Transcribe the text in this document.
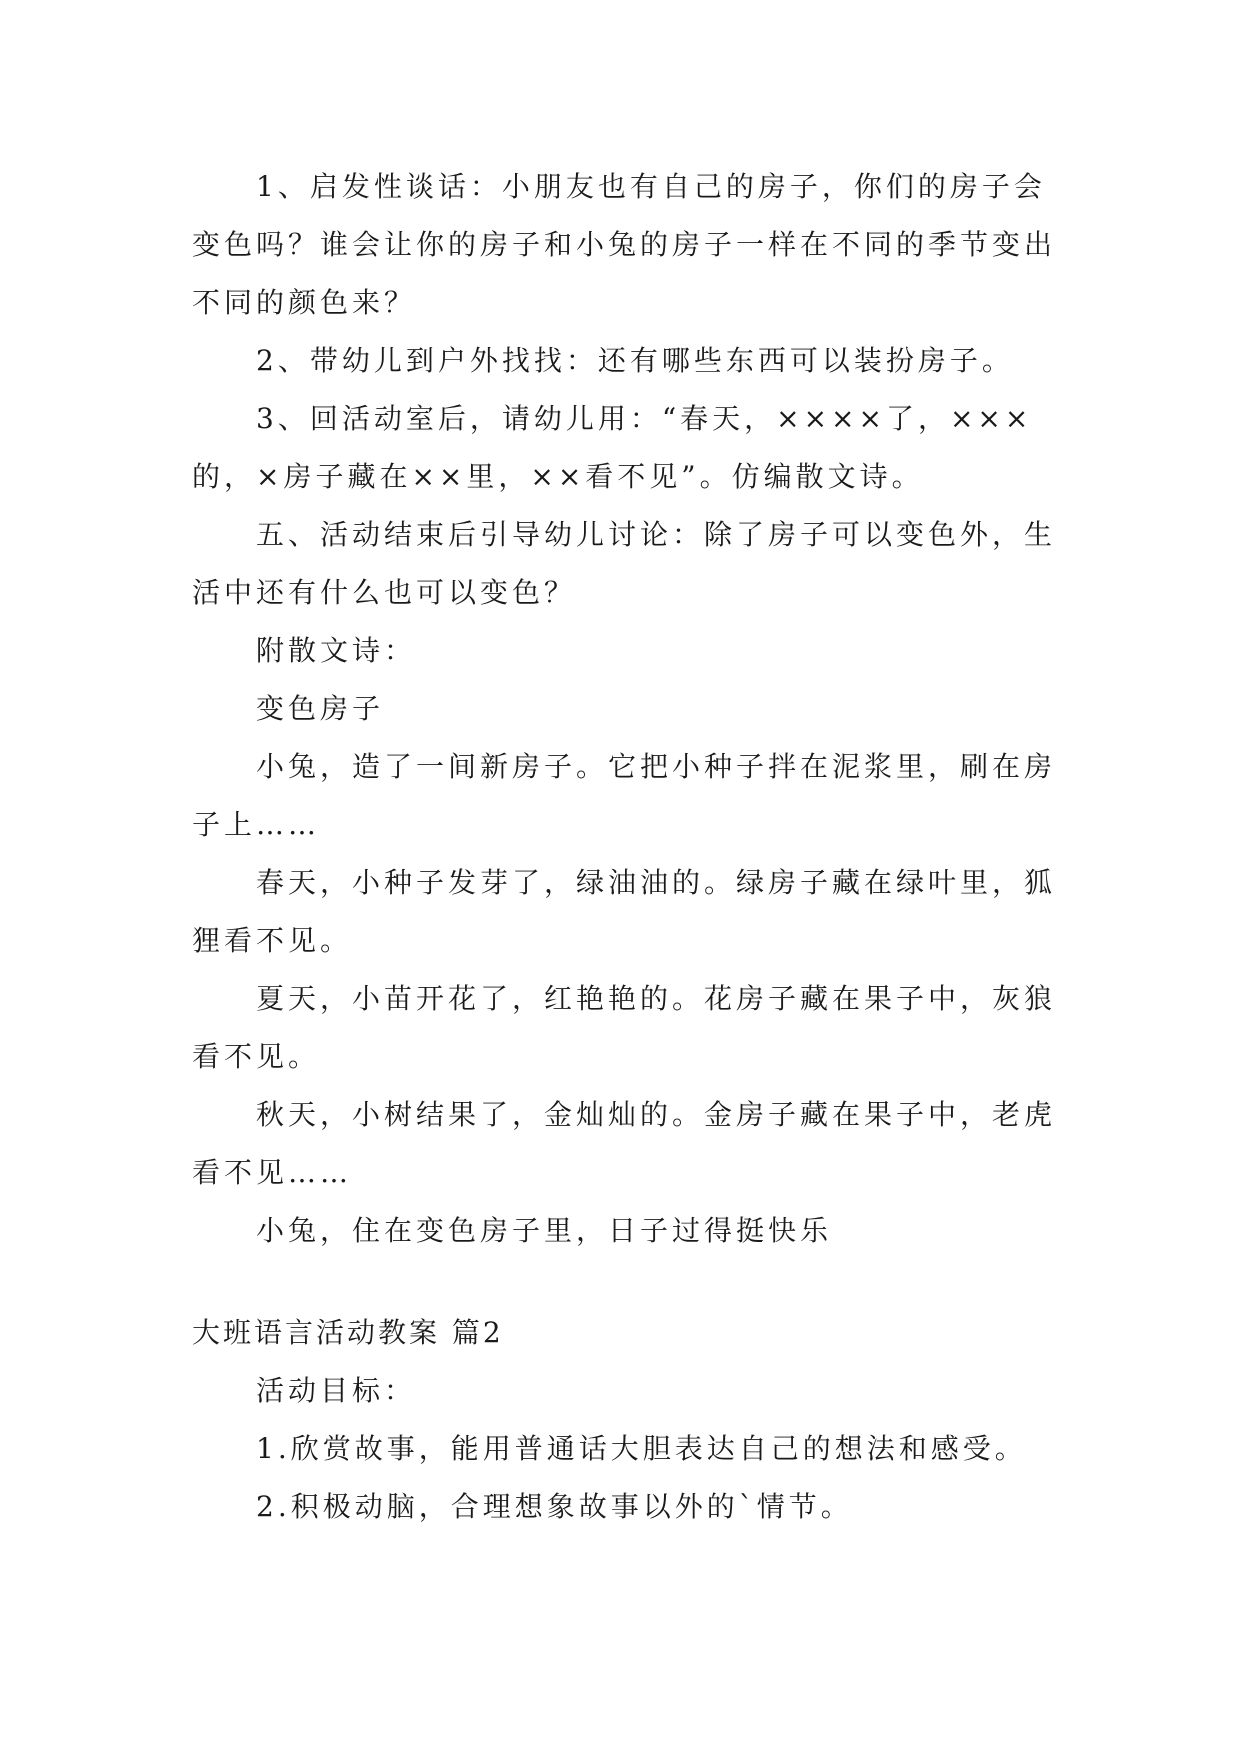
1、启发性谈话：小朋友也有自己的房子，你们的房子会变色吗？谁会让你的房子和小兔的房子一样在不同的季节变出不同的颜色来？

2、带幼儿到户外找找：还有哪些东西可以装扮房子。

3、回活动室后，请幼儿用：“春天，××××了，×××的，×房子藏在××里，××看不见”。仿编散文诗。

五、活动结束后引导幼儿讨论：除了房子可以变色外，生活中还有什么也可以变色？

附散文诗：

变色房子

小兔，造了一间新房子。它把小种子拌在泥浆里，刷在房子上……

春天，小种子发芽了，绿油油的。绿房子藏在绿叶里，狐狸看不见。

夏天，小苗开花了，红艳艳的。花房子藏在果子中，灰狼看不见。

秋天，小树结果了，金灿灿的。金房子藏在果子中，老虎看不见……

小兔，住在变色房子里，日子过得挺快乐

大班语言活动教案 篇2

活动目标：

1.欣赏故事，能用普通话大胆表达自己的想法和感受。

2.积极动脑，合理想象故事以外的`情节。
